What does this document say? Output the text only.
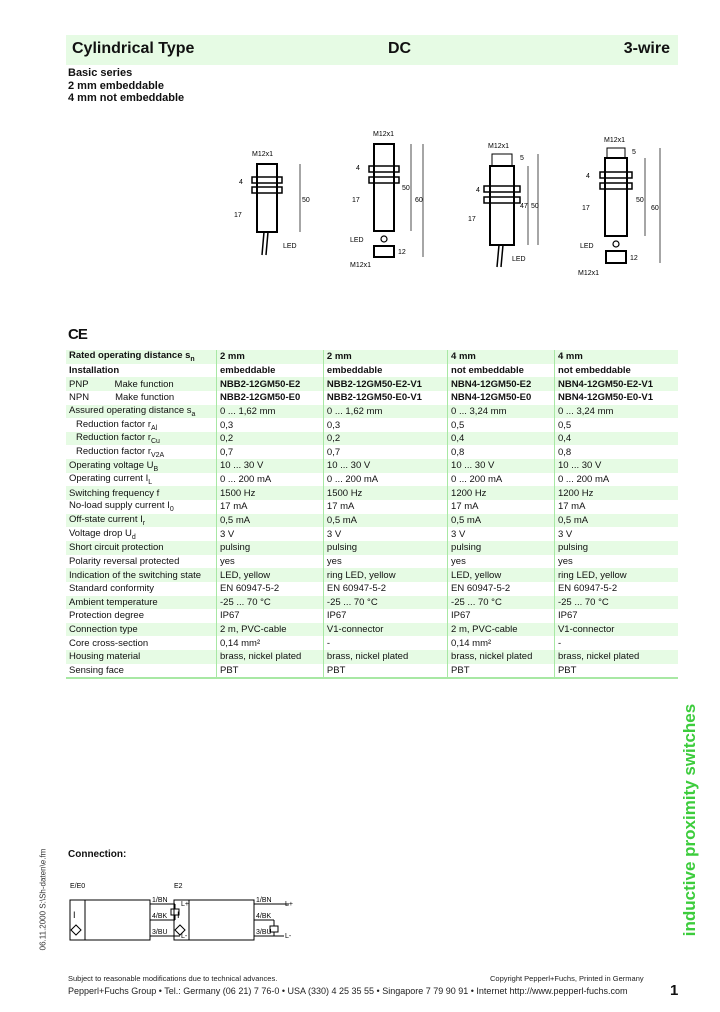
Cylindrical Type	DC	3-wire
Basic series
2 mm embeddable
4 mm not embeddable
M12x1
LED
17
4
50
M12x1
M12x1
LED
17
4
50
60
12
M12x1
LED
17
4
5
47 50
M12x1
M12x1
LED
17
4
5
50
60
12
CE
Rated operating distance $s_n$	2 mm	2 mm	4 mm	4 mm
Installation	embeddable	embeddable	not embeddable	not embeddable
PNP Make function	NBB2-12GM50-E2	NBB2-12GM50-E2-V1	NBN4-12GM50-E2	NBN4-12GM50-E2-V1
NPN Make function	NBB2-12GM50-E0	NBB2-12GM50-E0-V1	NBN4-12GM50-E0	NBN4-12GM50-E0-V1
Assured operating distance $s_a$	0 ... 1,62 mm	0 ... 1,62 mm	0 ... 3,24 mm	0 ... 3,24 mm
Reduction factor $r_{Al}$	0,3	0,3	0,5	0,5
Reduction factor $r_{Cu}$	0,2	0,2	0,4	0,4
Reduction factor $r_{V2A}$	0,7	0,7	0,8	0,8
Operating voltage $U_B$	10 ... 30 V	10 ... 30 V	10 ... 30 V	10 ... 30 V
Operating current $I_L$	0 ... 200 mA	0 ... 200 mA	0 ... 200 mA	0 ... 200 mA
Switching frequency f	1500 Hz	1500 Hz	1200 Hz	1200 Hz
No-load supply current $I_0$	17 mA	17 mA	17 mA	17 mA
Off-state current $I_r$	0,5 mA	0,5 mA	0,5 mA	0,5 mA
Voltage drop $U_d$	3 V	3 V	3 V	3 V
Short circuit protection	pulsing	pulsing	pulsing	pulsing
Polarity reversal protected	yes	yes	yes	yes
Indication of the switching state	LED, yellow	ring LED, yellow	LED, yellow	ring LED, yellow
Standard conformity	EN 60947-5-2	EN 60947-5-2	EN 60947-5-2	EN 60947-5-2
Ambient temperature	-25 ... 70 °C	-25 ... 70 °C	-25 ... 70 °C	-25 ... 70 °C
Protection degree	IP67	IP67	IP67	IP67
Connection type	2 m, PVC-cable	V1-connector	2 m, PVC-cable	V1-connector
Core cross-section	0,14 mm²	-	0,14 mm²	-
Housing material	brass, nickel plated	brass, nickel plated	brass, nickel plated	brass, nickel plated
Sensing face	PBT	PBT	PBT	PBT
Connection:
E/E0
I
1/BN
4/BK
3/BU
L+
L-
E2
I
1/BN
4/BK
3/BU
L+
L-
06.11.2000 S:\Sh-daten\e.fm	inductive proximity switches
Subject to reasonable modifications due to technical advances.	Copyright Pepperl+Fuchs, Printed in Germany
Pepperl+Fuchs Group • Tel.: Germany (06 21) 7 76-0 • USA (330) 4 25 35 55 • Singapore 7 79 90 91 • Internet http://www.pepperl-fuchs.com	1
